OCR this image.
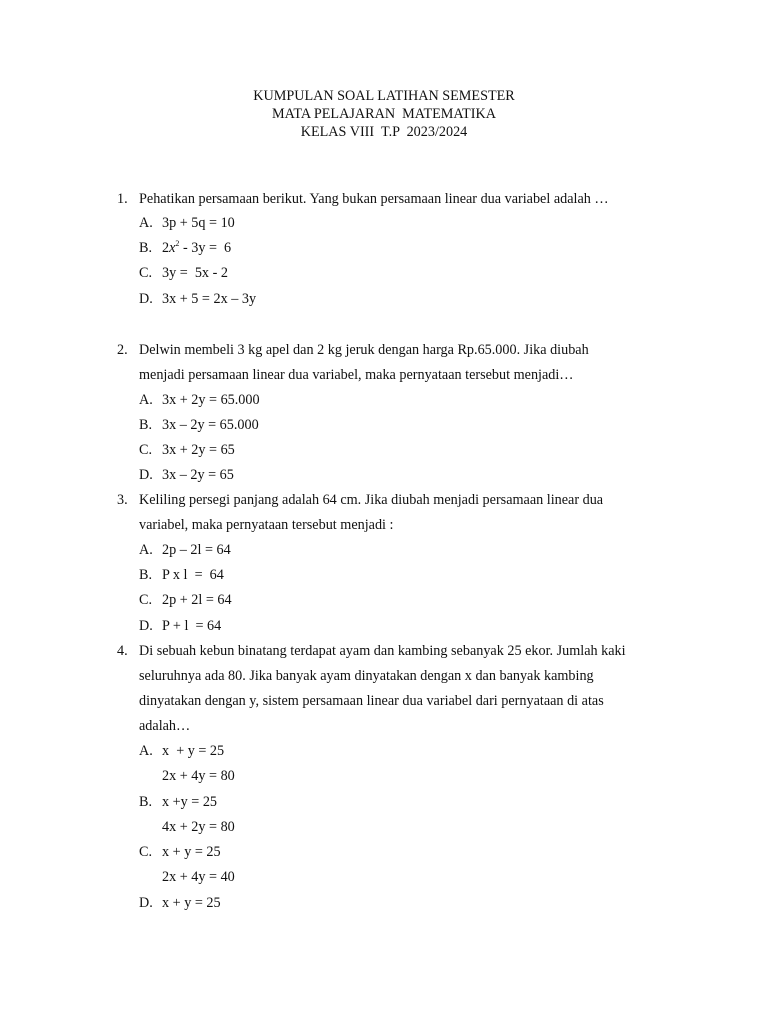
KUMPULAN SOAL LATIHAN SEMESTER
MATA PELAJARAN  MATEMATIKA
KELAS VIII  T.P  2023/2024
1. Pehatikan persamaan berikut. Yang bukan persamaan linear dua variabel adalah …
A. 3p + 5q = 10
B. $2x^2 - 3y = 6$
C. 3y =  5x - 2
D. 3x + 5 = 2x – 3y
2. Delwin membeli 3 kg apel dan 2 kg jeruk dengan harga Rp.65.000. Jika diubah
menjadi persamaan linear dua variabel, maka pernyataan tersebut menjadi…
A. 3x + 2y = 65.000
B. 3x – 2y = 65.000
C. 3x + 2y = 65
D. 3x – 2y = 65
3. Keliling persegi panjang adalah 64 cm. Jika diubah menjadi persamaan linear dua
variabel, maka pernyataan tersebut menjadi :
A. 2p – 2l = 64
B. P x l  =  64
C. 2p + 2l = 64
D. P + l  = 64
4. Di sebuah kebun binatang terdapat ayam dan kambing sebanyak 25 ekor. Jumlah kaki
seluruhnya ada 80. Jika banyak ayam dinyatakan dengan x dan banyak kambing
dinyatakan dengan y, sistem persamaan linear dua variabel dari pernyataan di atas
adalah…
A. x  + y = 25
2x + 4y = 80
B. x +y = 25
4x + 2y = 80
C. x + y = 25
2x + 4y = 40
D. x + y = 25
